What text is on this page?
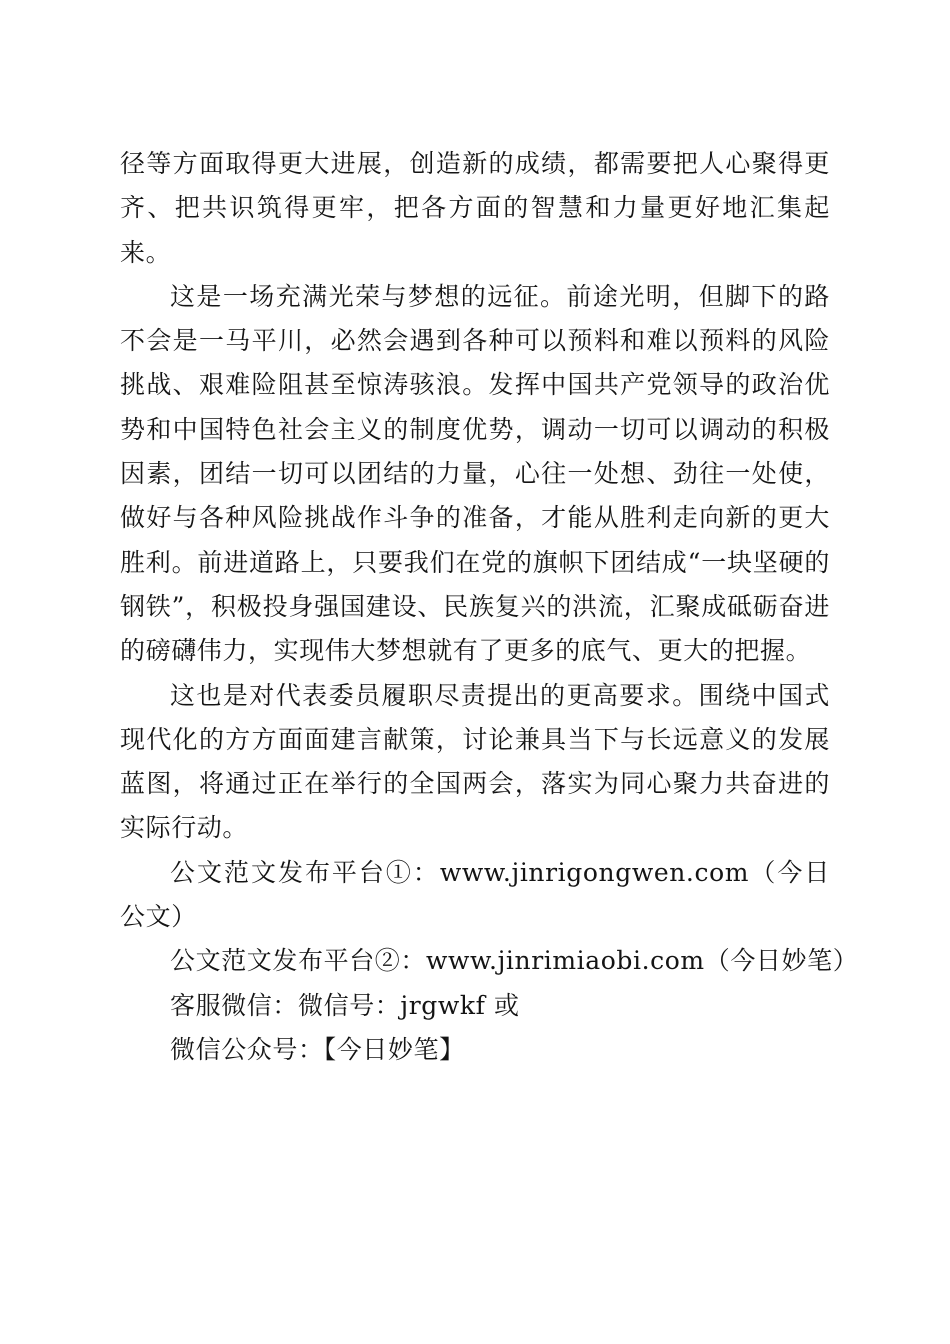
径等方面取得更大进展，创造新的成绩，都需要把人心聚得更齐、把共识筑得更牢，把各方面的智慧和力量更好地汇集起来。

这是一场充满光荣与梦想的远征。前途光明，但脚下的路不会是一马平川，必然会遇到各种可以预料和难以预料的风险挑战、艰难险阻甚至惊涛骇浪。发挥中国共产党领导的政治优势和中国特色社会主义的制度优势，调动一切可以调动的积极因素，团结一切可以团结的力量，心往一处想、劲往一处使，做好与各种风险挑战作斗争的准备，才能从胜利走向新的更大胜利。前进道路上，只要我们在党的旗帜下团结成“一块坚硬的钢铁”，积极投身强国建设、民族复兴的洪流，汇聚成砥砺奋进的磅礴伟力，实现伟大梦想就有了更多的底气、更大的把握。

这也是对代表委员履职尽责提出的更高要求。围绕中国式现代化的方方面面建言献策，讨论兼具当下与长远意义的发展蓝图，将通过正在举行的全国两会，落实为同心聚力共奋进的实际行动。

公文范文发布平台①：www.jinrigongwen.com（今日公文）

公文范文发布平台②：www.jinrimiaobi.com（今日妙笔）

客服微信：微信号：jrgwkf 或

微信公众号：【今日妙笔】
